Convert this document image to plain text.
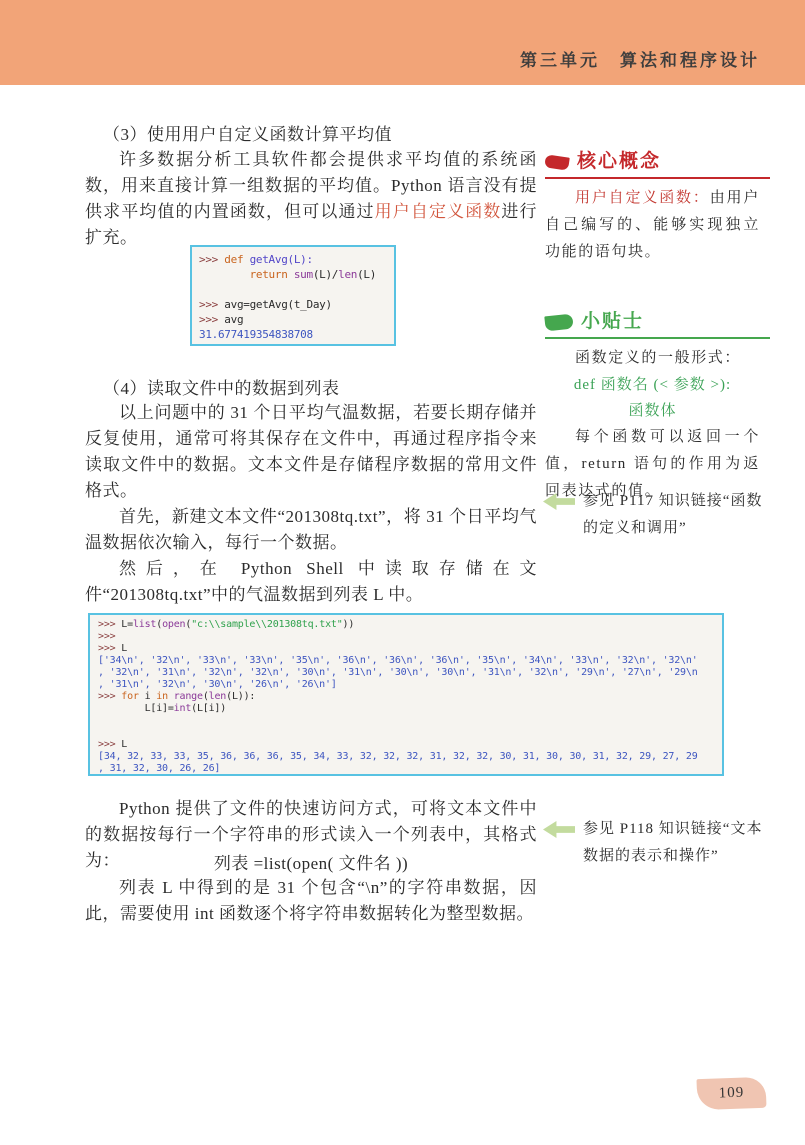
第三单元　算法和程序设计
（3）使用用户自定义函数计算平均值
许多数据分析工具软件都会提供求平均值的系统函数，用来直接计算一组数据的平均值。Python 语言没有提供求平均值的内置函数，但可以通过用户自定义函数进行扩充。
>>> def getAvg(L):
return sum(L)/len(L)

>>> avg=getAvg(t_Day)
>>> avg
31.677419354838708
（4）读取文件中的数据到列表
以上问题中的 31 个日平均气温数据，若要长期存储并反复使用，通常可将其保存在文件中，再通过程序指令来读取文件中的数据。文本文件是存储程序数据的常用文件格式。
首先，新建文本文件“201308tq.txt”，将 31 个日平均气温数据依次输入，每行一个数据。
然后，在 Python Shell 中读取存储在文件“201308tq.txt”中的气温数据到列表 L 中。
>>> L=list(open("c:\\sample\\201308tq.txt"))
>>>
>>> L
['34\n', '32\n', '33\n', '33\n', '35\n', '36\n', '36\n', '36\n', '35\n', '34\n', '33\n', '32\n', '32\n'
, '32\n', '31\n', '32\n', '32\n', '30\n', '31\n', '30\n', '30\n', '31\n', '32\n', '29\n', '27\n', '29\n
, '31\n', '32\n', '30\n', '26\n', '26\n']
>>> for i in range(len(L)):
L[i]=int(L[i])

>>> L
[34, 32, 33, 33, 35, 36, 36, 36, 35, 34, 33, 32, 32, 32, 31, 32, 32, 30, 31, 30, 30, 31, 32, 29, 27, 29
, 31, 32, 30, 26, 26]
Python 提供了文件的快速访问方式，可将文本文件中的数据按每行一个字符串的形式读入一个列表中，其格式为：	列表 =list(open( 文件名 ))
列表 L 中得到的是 31 个包含“\n”的字符串数据，因此，需要使用 int 函数逐个将字符串数据转化为整型数据。
核心概念
用户自定义函数：由用户自己编写的、能够实现独立功能的语句块。
小贴士
函数定义的一般形式：
def 函数名 (< 参数 >):
函数体
每个函数可以返回一个值，return 语句的作用为返回表达式的值。
参见 P117 知识链接“函数的定义和调用”
参见 P118 知识链接“文本数据的表示和操作”
109
